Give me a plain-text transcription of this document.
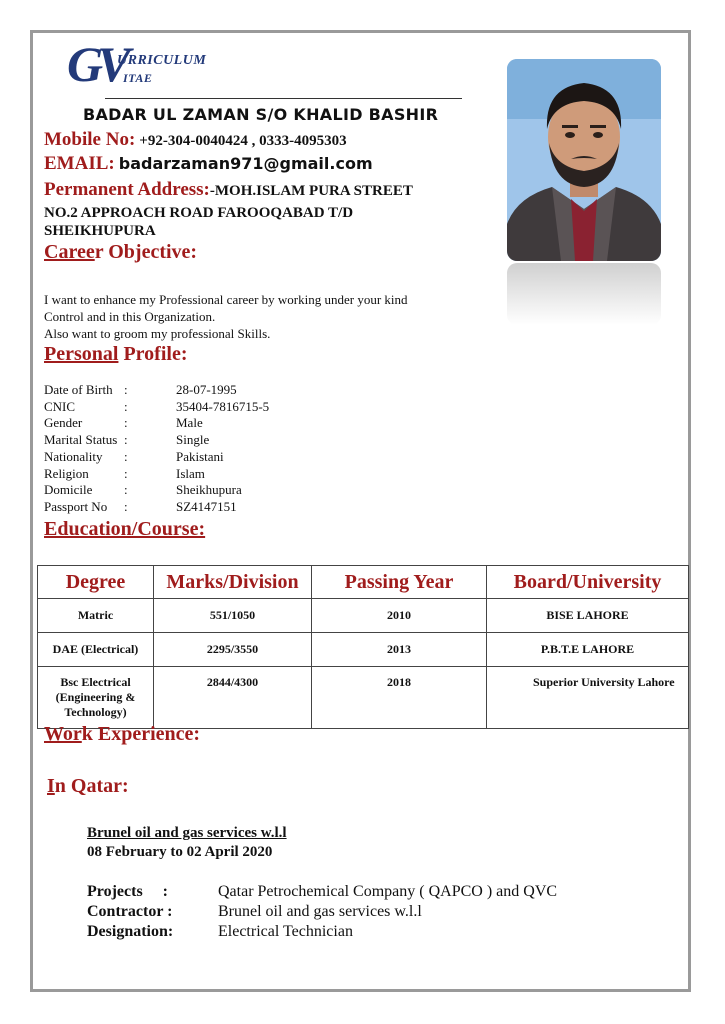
GV
URRICULUM
ITAE
BADAR UL ZAMAN S/O KHALID BASHIR
Mobile No: +92-304-0040424 , 0333-4095303
EMAIL: badarzaman971@gmail.com
Permanent Address:-MOH.ISLAM PURA STREET
NO.2 APPROACH ROAD FAROOQABAD T/D
SHEIKHUPURA
Career Objective:
I want to enhance my Professional career by working under your kind
Control and in this Organization.
Also want to groom my professional Skills.
Personal Profile:
Date of Birth :	28-07-1995
CNIC	:	35404-7816715-5
Gender	:	Male
Marital Status :	Single
Nationality	:	Pakistani
Religion	:	Islam
Domicile	:	Sheikhupura
Passport No	:	SZ4147151
Education/Course:
Degree	Marks/Division	Passing Year	Board/University
Matric	551/1050	2010	BISE LAHORE
DAE (Electrical)	2295/3550	2013	P.B.T.E LAHORE
Bsc Electrical (Engineering & Technology)	2844/4300	2018	Superior University Lahore
Work Experience:
In Qatar:
Brunel oil and gas services w.l.l
08 February to 02 April 2020
Projects     :	Qatar Petrochemical Company ( QAPCO ) and QVC
Contractor :	Brunel oil and gas services w.l.l
Designation:	Electrical Technician
